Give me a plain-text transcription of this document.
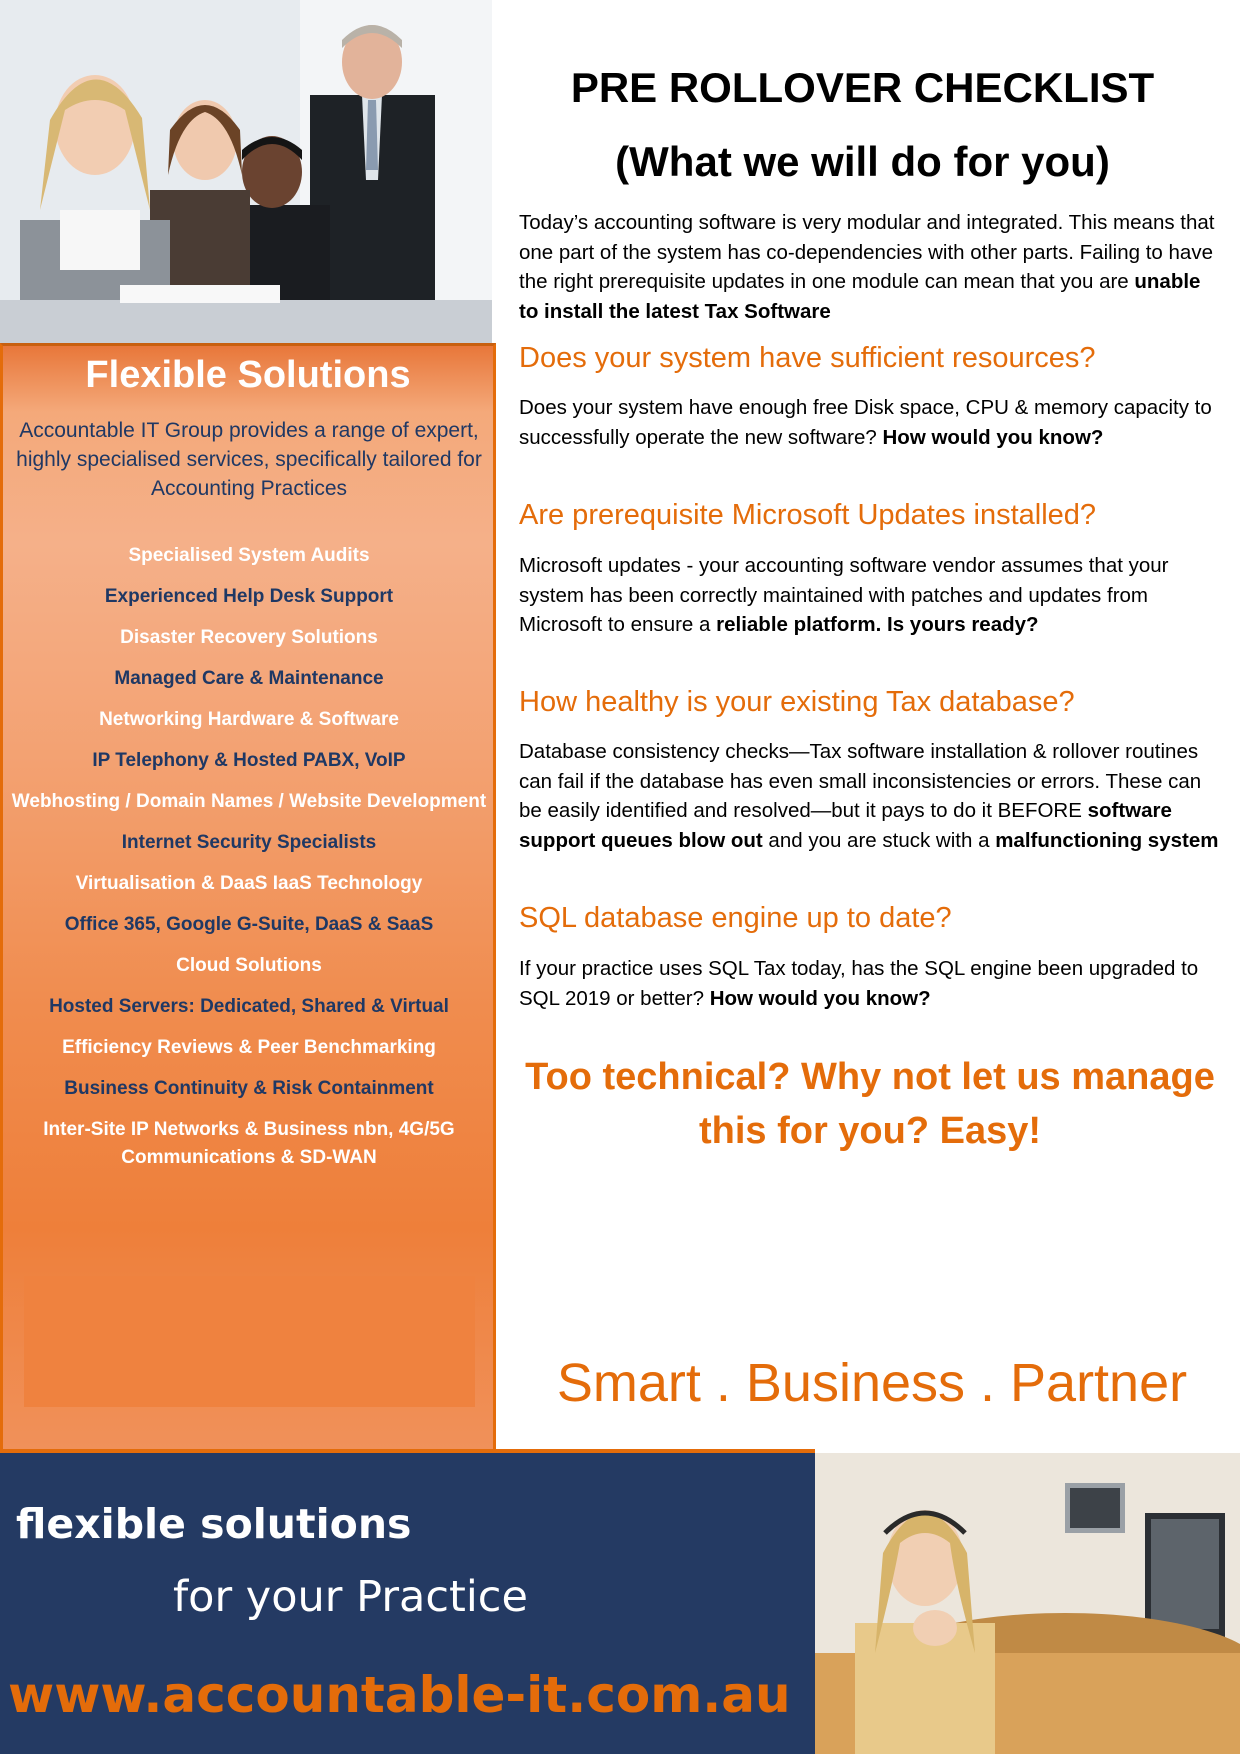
Flexible Solutions
Accountable IT Group provides a range of expert, highly specialised services, specifically tailored for Accounting Practices
Specialised System Audits
Experienced Help Desk Support
Disaster Recovery Solutions
Managed Care & Maintenance
Networking Hardware & Software
IP Telephony & Hosted PABX, VoIP
Webhosting / Domain Names / Website Development
Internet Security Specialists
Virtualisation & DaaS IaaS Technology
Office 365, Google G-Suite, DaaS & SaaS
Cloud Solutions
Hosted Servers: Dedicated, Shared & Virtual
Efficiency Reviews & Peer Benchmarking
Business Continuity & Risk Containment
Inter-Site IP Networks & Business nbn, 4G/5G Communications & SD-WAN
PRE ROLLOVER CHECKLIST
(What we will do for you)
Today’s accounting software is very modular and integrated. This means that one part of the system has co-dependencies with other parts. Failing to have the right prerequisite updates in one module can mean that you are unable to install the latest Tax Software
Does your system have sufficient resources?
Does your system have enough free Disk space, CPU & memory capacity to successfully operate the new software? How would you know?
Are prerequisite Microsoft Updates installed?
Microsoft updates - your accounting software vendor assumes that your system has been correctly maintained with patches and updates from Microsoft to ensure a reliable platform. Is yours ready?
How healthy is your existing Tax database?
Database consistency checks—Tax software installation & rollover routines can fail if the database has even small inconsistencies or errors. These can be easily identified and resolved—but it pays to do it BEFORE software support queues blow out and you are stuck with a malfunctioning system
SQL database engine up to date?
If your practice uses SQL Tax today, has the SQL engine been upgraded to SQL 2019 or better? How would you know?
Too technical? Why not let us manage this for you? Easy!
Smart . Business . Partner
flexible solutions
for your Practice
www.accountable-it.com.au
